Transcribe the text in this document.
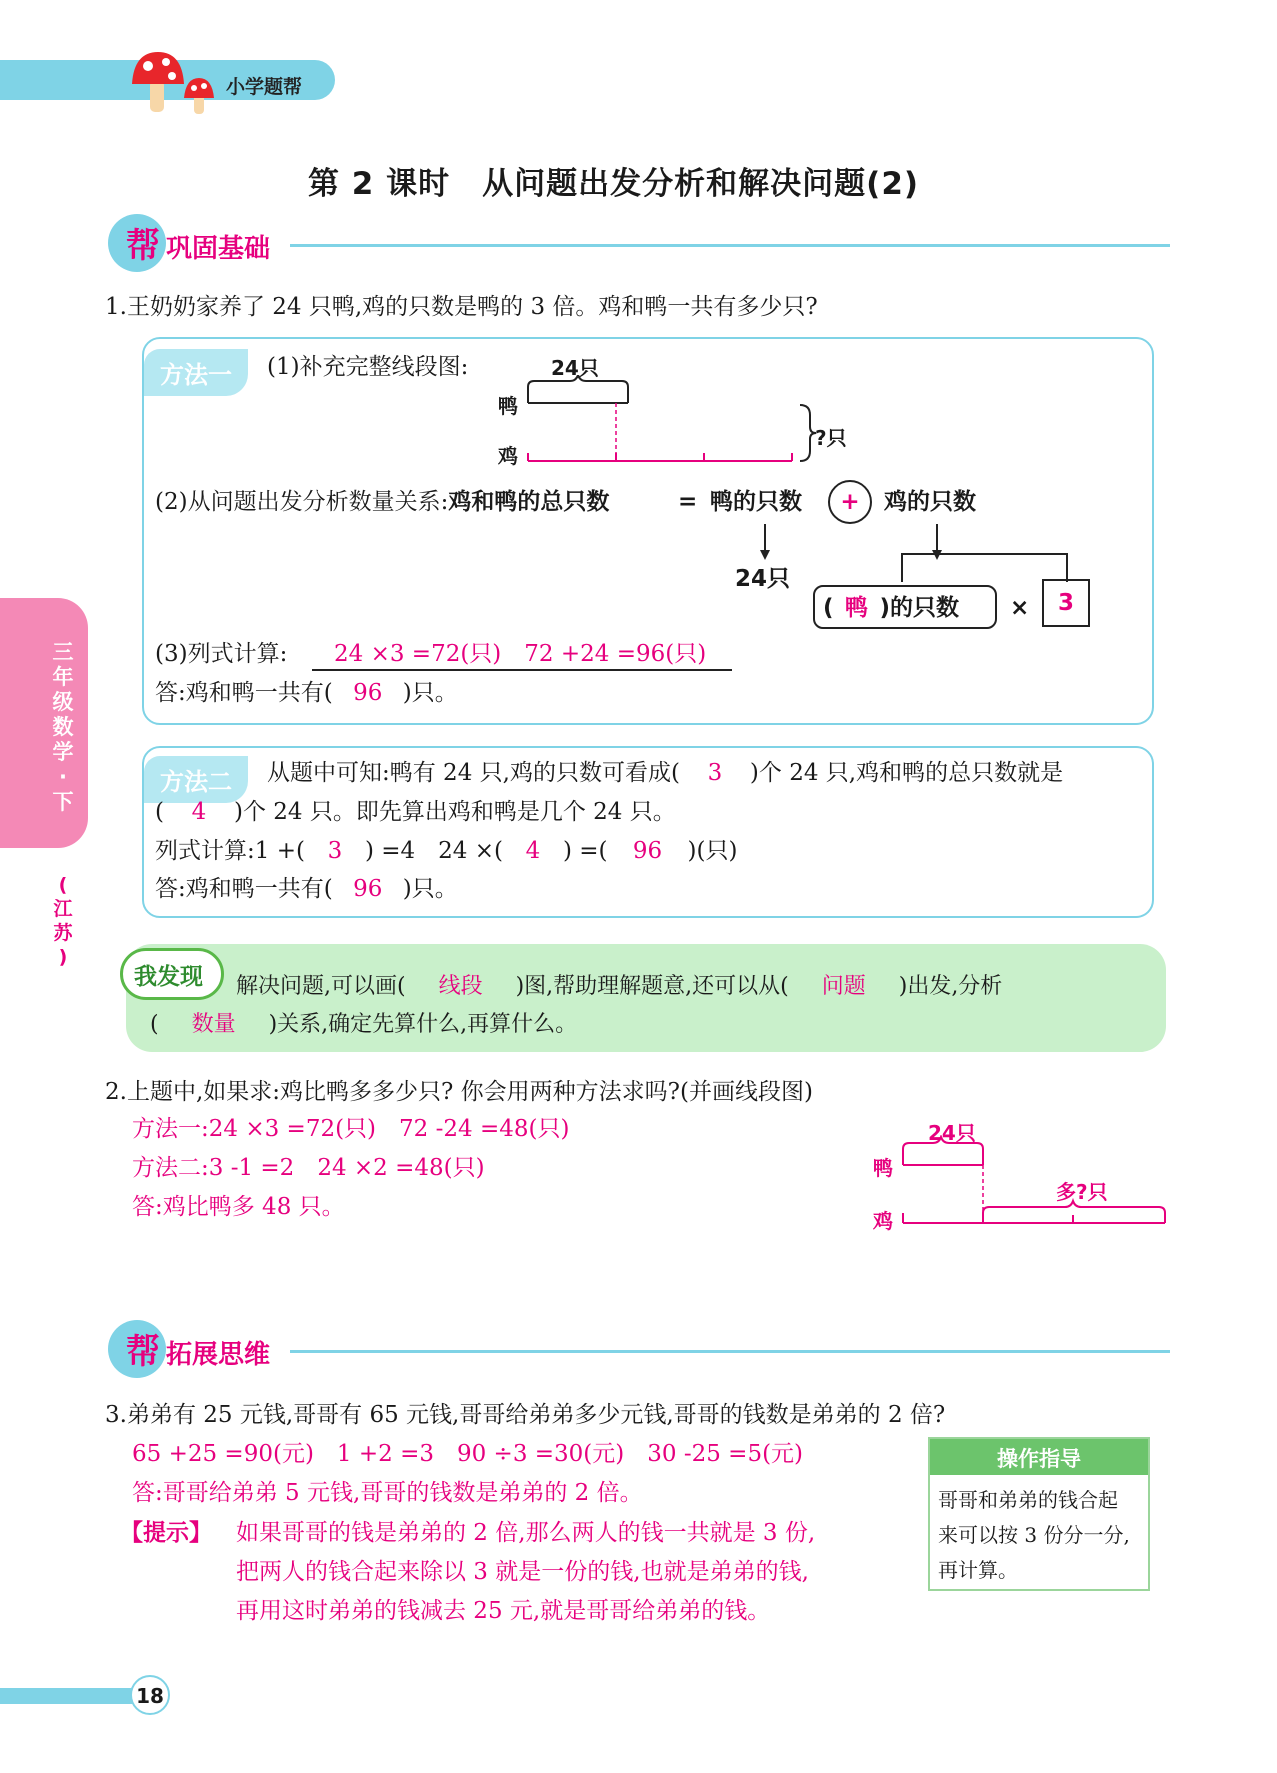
小学题帮
第 2 课时　从问题出发分析和解决问题(2)
三
年
级
数
学
·
下
(
江
苏
)
帮 巩固基础
1.王奶奶家养了 24 只鸭,鸡的只数是鸭的 3 倍。鸡和鸭一共有多少只?
方法一	(1)补充完整线段图:	24只
鸭
鸡
?只
(2)从问题出发分析数量关系:鸡和鸭的总只数	= 鸭的只数	+	鸡的只数
24只
(  鸭  )的只数 ×	3
(3)列式计算: 24 ×3 =72(只)　72 +24 =96(只)
答:鸡和鸭一共有( 96 )只。
方法二	从题中可知:鸭有 24 只,鸡的只数可看成( 3 )个 24 只,鸡和鸭的总只数就是
( 4 )个 24 只。即先算出鸡和鸭是几个 24 只。
列式计算:1 +( 3 ) =4　24 ×( 4 ) =( 96 )(只)
答:鸡和鸭一共有( 96 )只。
我发现 解决问题,可以画( 线段 )图,帮助理解题意,还可以从( 问题 )出发,分析
( 数量 )关系,确定先算什么,再算什么。
2.上题中,如果求:鸡比鸭多多少只? 你会用两种方法求吗?(并画线段图)
方法一:24 ×3 =72(只)　72 -24 =48(只)
方法二:3 -1 =2　24 ×2 =48(只)
答:鸡比鸭多 48 只。
24只
鸭
鸡
多?只
帮 拓展思维
3.弟弟有 25 元钱,哥哥有 65 元钱,哥哥给弟弟多少元钱,哥哥的钱数是弟弟的 2 倍?
65 +25 =90(元)　1 +2 =3　90 ÷3 =30(元)　30 -25 =5(元)
答:哥哥给弟弟 5 元钱,哥哥的钱数是弟弟的 2 倍。
【提示】 如果哥哥的钱是弟弟的 2 倍,那么两人的钱一共就是 3 份,
把两人的钱合起来除以 3 就是一份的钱,也就是弟弟的钱,
再用这时弟弟的钱减去 25 元,就是哥哥给弟弟的钱。
操作指导
哥哥和弟弟的钱合起
来可以按 3 份分一分,
再计算。
18
